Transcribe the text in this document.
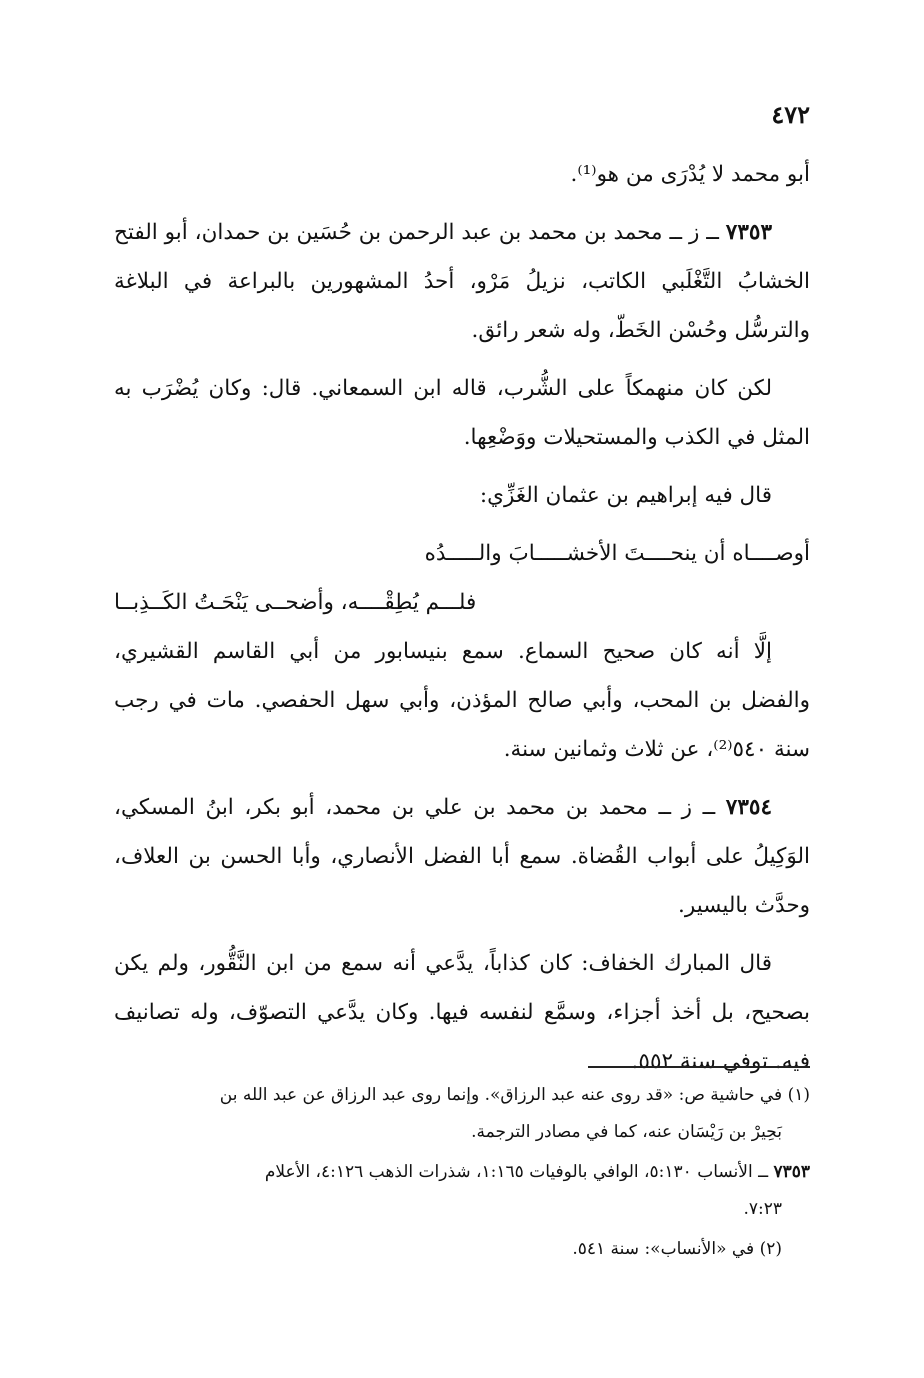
٤٧٢

أبو محمد لا يُدْرَى من هو⁽¹⁾.

٧٣٥٣ ــ ز ــ محمد بن محمد بن عبد الرحمن بن حُسَين بن حمدان، أبو الفتح الخشابُ التَّغْلَبي الكاتب، نزيلُ مَرْو، أحدُ المشهورين بالبراعة في البلاغة والترسُّل وحُسْن الخَطّ، وله شعر رائق.

لكن كان منهمكاً على الشُّرب، قاله ابن السمعاني. قال: وكان يُضْرَب به المثل في الكذب والمستحيلات ووَضْعِها.

قال فيه إبراهيم بن عثمان الغَزِّي:

أوصــــاه أن ينحــــتَ الأخشـــــابَ والـــــدُه
فلـــم يُطِقْــــه، وأضحــى يَنْحَـتُ الكَــذِبــا

إلَّا أنه كان صحيح السماع. سمع بنيسابور من أبي القاسم القشيري، والفضل بن المحب، وأبي صالح المؤذن، وأبي سهل الحفصي. مات في رجب سنة ٥٤٠⁽²⁾، عن ثلاث وثمانين سنة.

٧٣٥٤ ــ ز ــ محمد بن محمد بن علي بن محمد، أبو بكر، ابنُ المسكي، الوَكِيلُ على أبواب القُضاة. سمع أبا الفضل الأنصاري، وأبا الحسن بن العلاف، وحدَّث باليسير.

قال المبارك الخفاف: كان كذاباً، يدَّعي أنه سمع من ابن النَّقُّور، ولم يكن بصحيح، بل أخذ أجزاء، وسمَّع لنفسه فيها. وكان يدَّعي التصوّف، وله تصانيف فيه. توفي سنة ٥٥٢.

(١) في حاشية ص: «قد روى عنه عبد الرزاق». وإنما روى عبد الرزاق عن عبد الله بن
بَحِيرْ بن رَيْسَان عنه، كما في مصادر الترجمة.

٧٣٥٣ ــ الأنساب ٥:١٣٠، الوافي بالوفيات ١:١٦٥، شذرات الذهب ٤:١٢٦، الأعلام
٧:٢٣.

(٢) في «الأنساب»: سنة ٥٤١.
